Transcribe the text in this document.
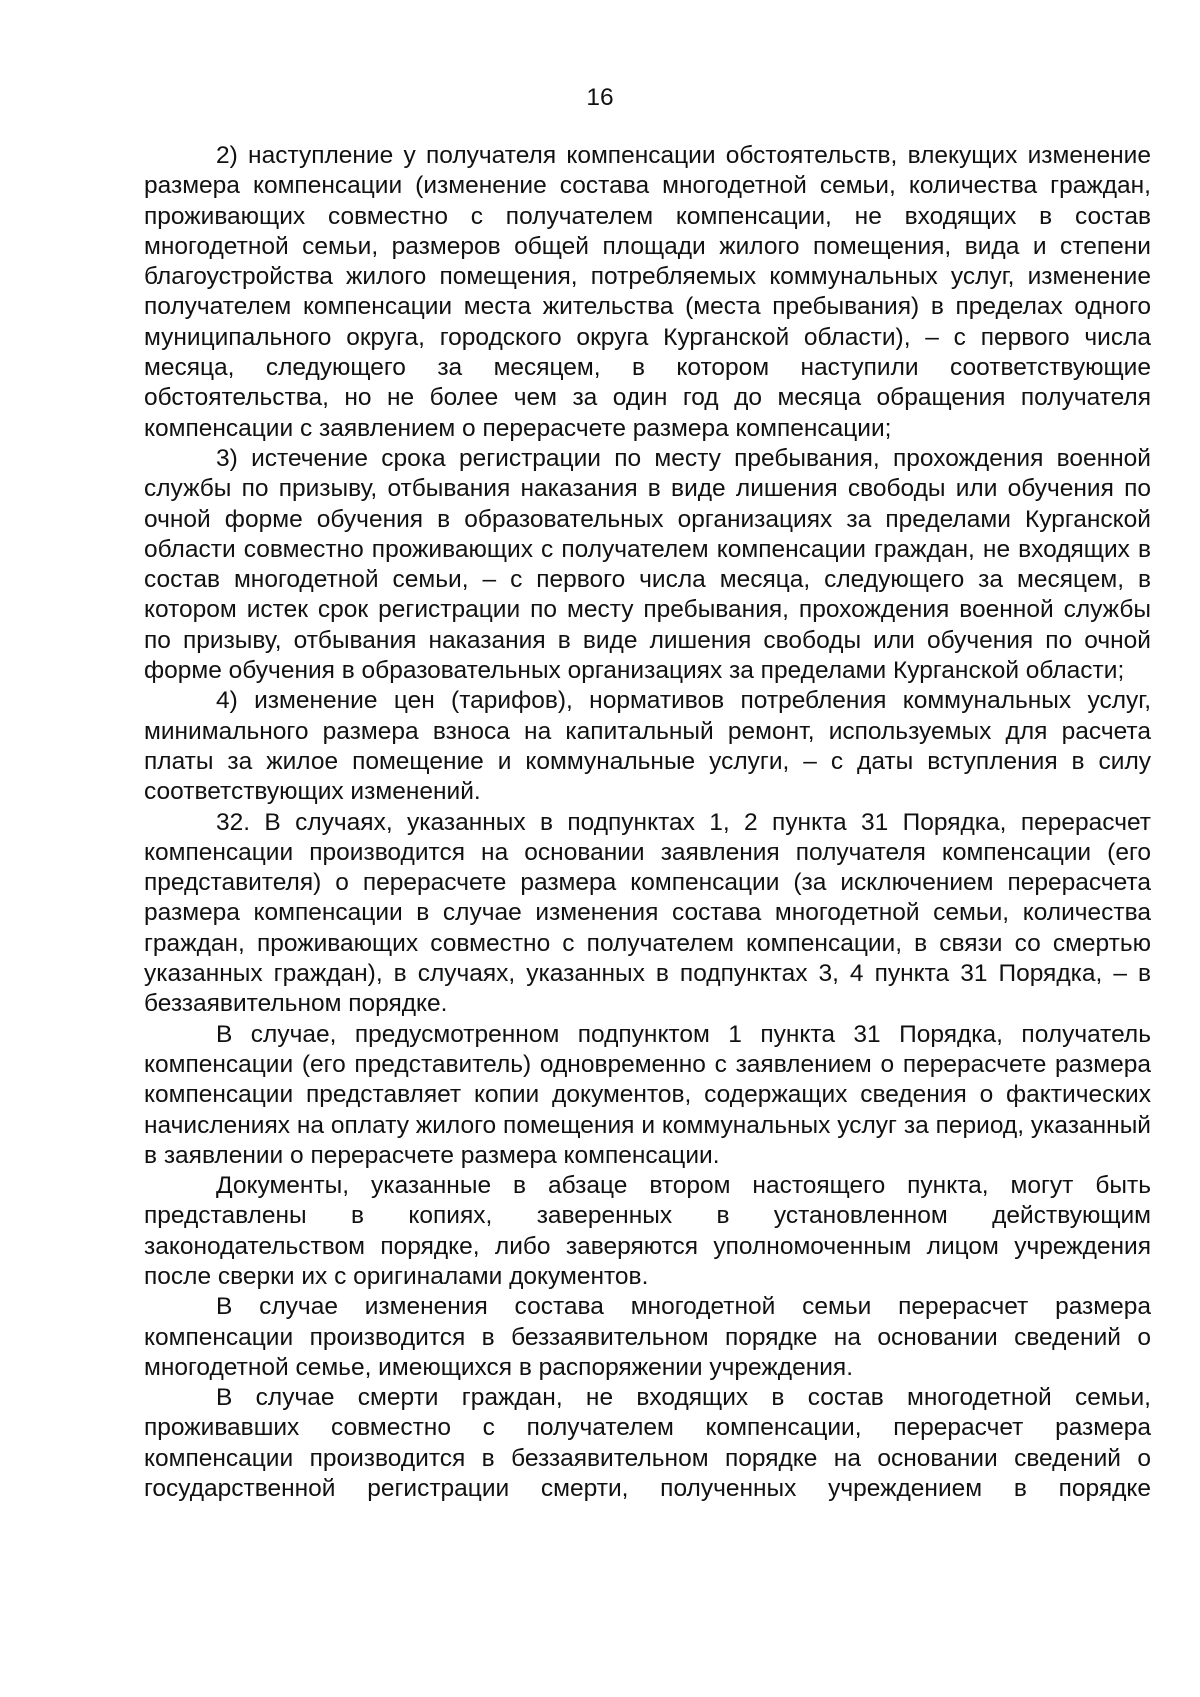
16

2) наступление у получателя компенсации обстоятельств, влекущих изменение размера компенсации (изменение состава многодетной семьи, количества граждан, проживающих совместно с получателем компенсации, не входящих в состав многодетной семьи, размеров общей площади жилого помещения, вида и степени благоустройства жилого помещения, потребляемых коммунальных услуг, изменение получателем компенсации места жительства (места пребывания) в пределах одного муниципального округа, городского округа Курганской области), – с первого числа месяца, следующего за месяцем, в котором наступили соответствующие обстоятельства, но не более чем за один год до месяца обращения получателя компенсации с заявлением о перерасчете размера компенсации;

3) истечение срока регистрации по месту пребывания, прохождения военной службы по призыву, отбывания наказания в виде лишения свободы или обучения по очной форме обучения в образовательных организациях за пределами Курганской области совместно проживающих с получателем компенсации граждан, не входящих в состав многодетной семьи, – с первого числа месяца, следующего за месяцем, в котором истек срок регистрации по месту пребывания, прохождения военной службы по призыву, отбывания наказания в виде лишения свободы или обучения по очной форме обучения в образовательных организациях за пределами Курганской области;

4) изменение цен (тарифов), нормативов потребления коммунальных услуг, минимального размера взноса на капитальный ремонт, используемых для расчета платы за жилое помещение и коммунальные услуги, – с даты вступления в силу соответствующих изменений.

32. В случаях, указанных в подпунктах 1, 2 пункта 31 Порядка, перерасчет компенсации производится на основании заявления получателя компенсации (его представителя) о перерасчете размера компенсации (за исключением перерасчета размера компенсации в случае изменения состава многодетной семьи, количества граждан, проживающих совместно с получателем компенсации, в связи со смертью указанных граждан), в случаях, указанных в подпунктах 3, 4 пункта 31 Порядка, – в беззаявительном порядке.

В случае, предусмотренном подпунктом 1 пункта 31 Порядка, получатель компенсации (его представитель) одновременно с заявлением о перерасчете размера компенсации представляет копии документов, содержащих сведения о фактических начислениях на оплату жилого помещения и коммунальных услуг за период, указанный в заявлении о перерасчете размера компенсации.

Документы, указанные в абзаце втором настоящего пункта, могут быть представлены в копиях, заверенных в установленном действующим законодательством порядке, либо заверяются уполномоченным лицом учреждения после сверки их с оригиналами документов.

В случае изменения состава многодетной семьи перерасчет размера компенсации производится в беззаявительном порядке на основании сведений о многодетной семье, имеющихся в распоряжении учреждения.

В случае смерти граждан, не входящих в состав многодетной семьи, проживавших совместно с получателем компенсации, перерасчет размера компенсации производится в беззаявительном порядке на основании сведений о государственной регистрации смерти, полученных учреждением в порядке
